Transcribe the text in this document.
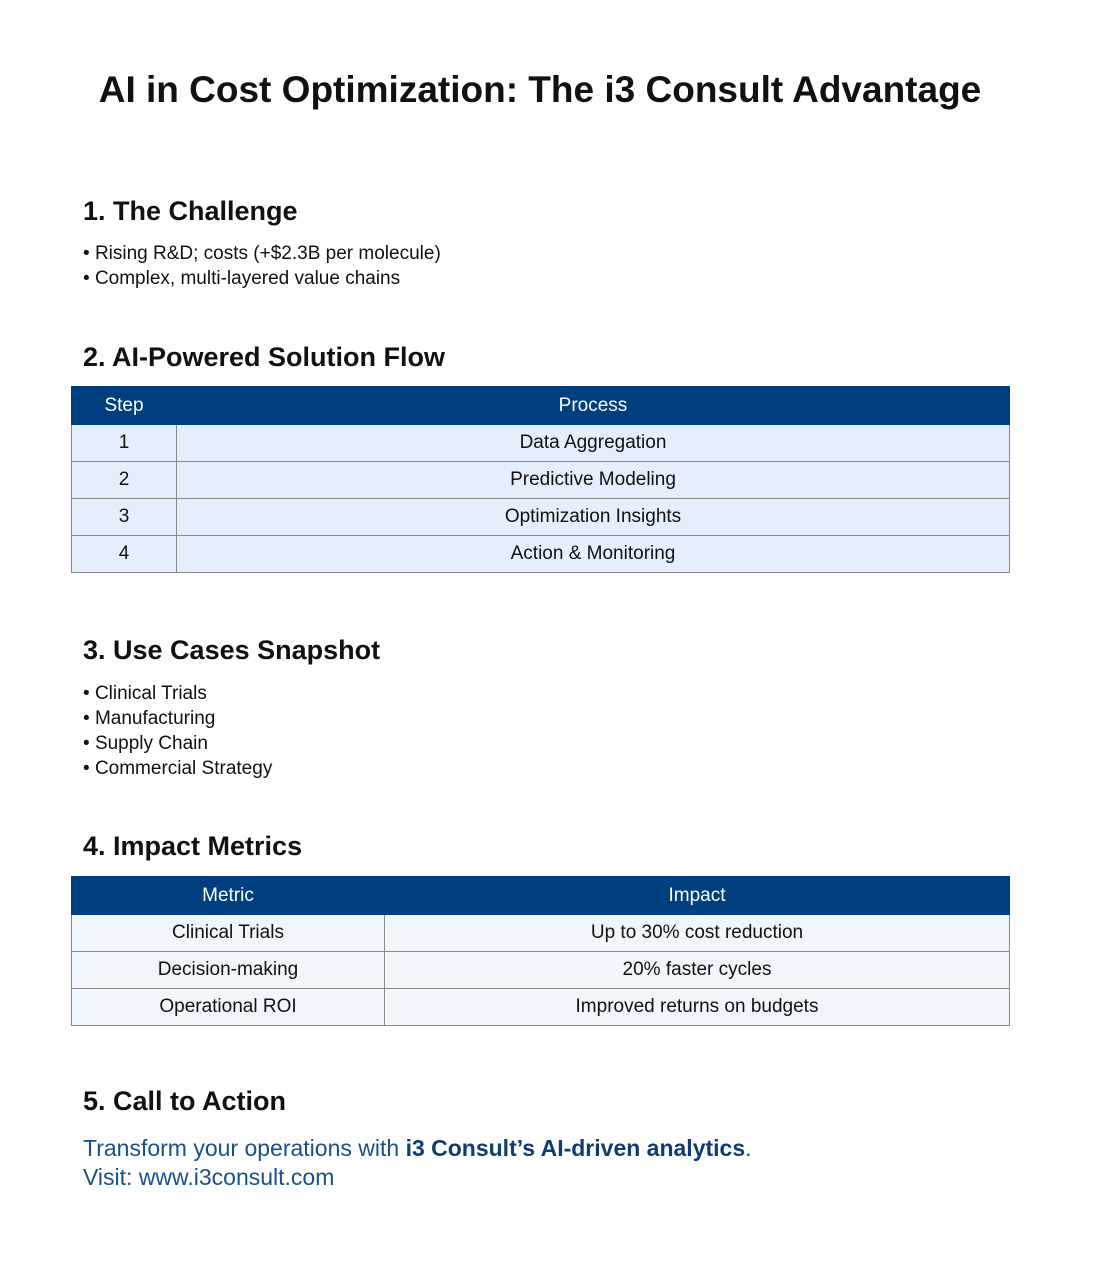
AI in Cost Optimization: The i3 Consult Advantage
1. The Challenge
• Rising R&D; costs (+$2.3B per molecule)
• Complex, multi-layered value chains
2. AI-Powered Solution Flow
Step	Process
1	Data Aggregation
2	Predictive Modeling
3	Optimization Insights
4	Action & Monitoring
3. Use Cases Snapshot
• Clinical Trials
• Manufacturing
• Supply Chain
• Commercial Strategy
4. Impact Metrics
Metric	Impact
Clinical Trials	Up to 30% cost reduction
Decision-making	20% faster cycles
Operational ROI	Improved returns on budgets
5. Call to Action

Transform your operations with i3 Consult’s AI-driven analytics.

Visit: www.i3consult.com
